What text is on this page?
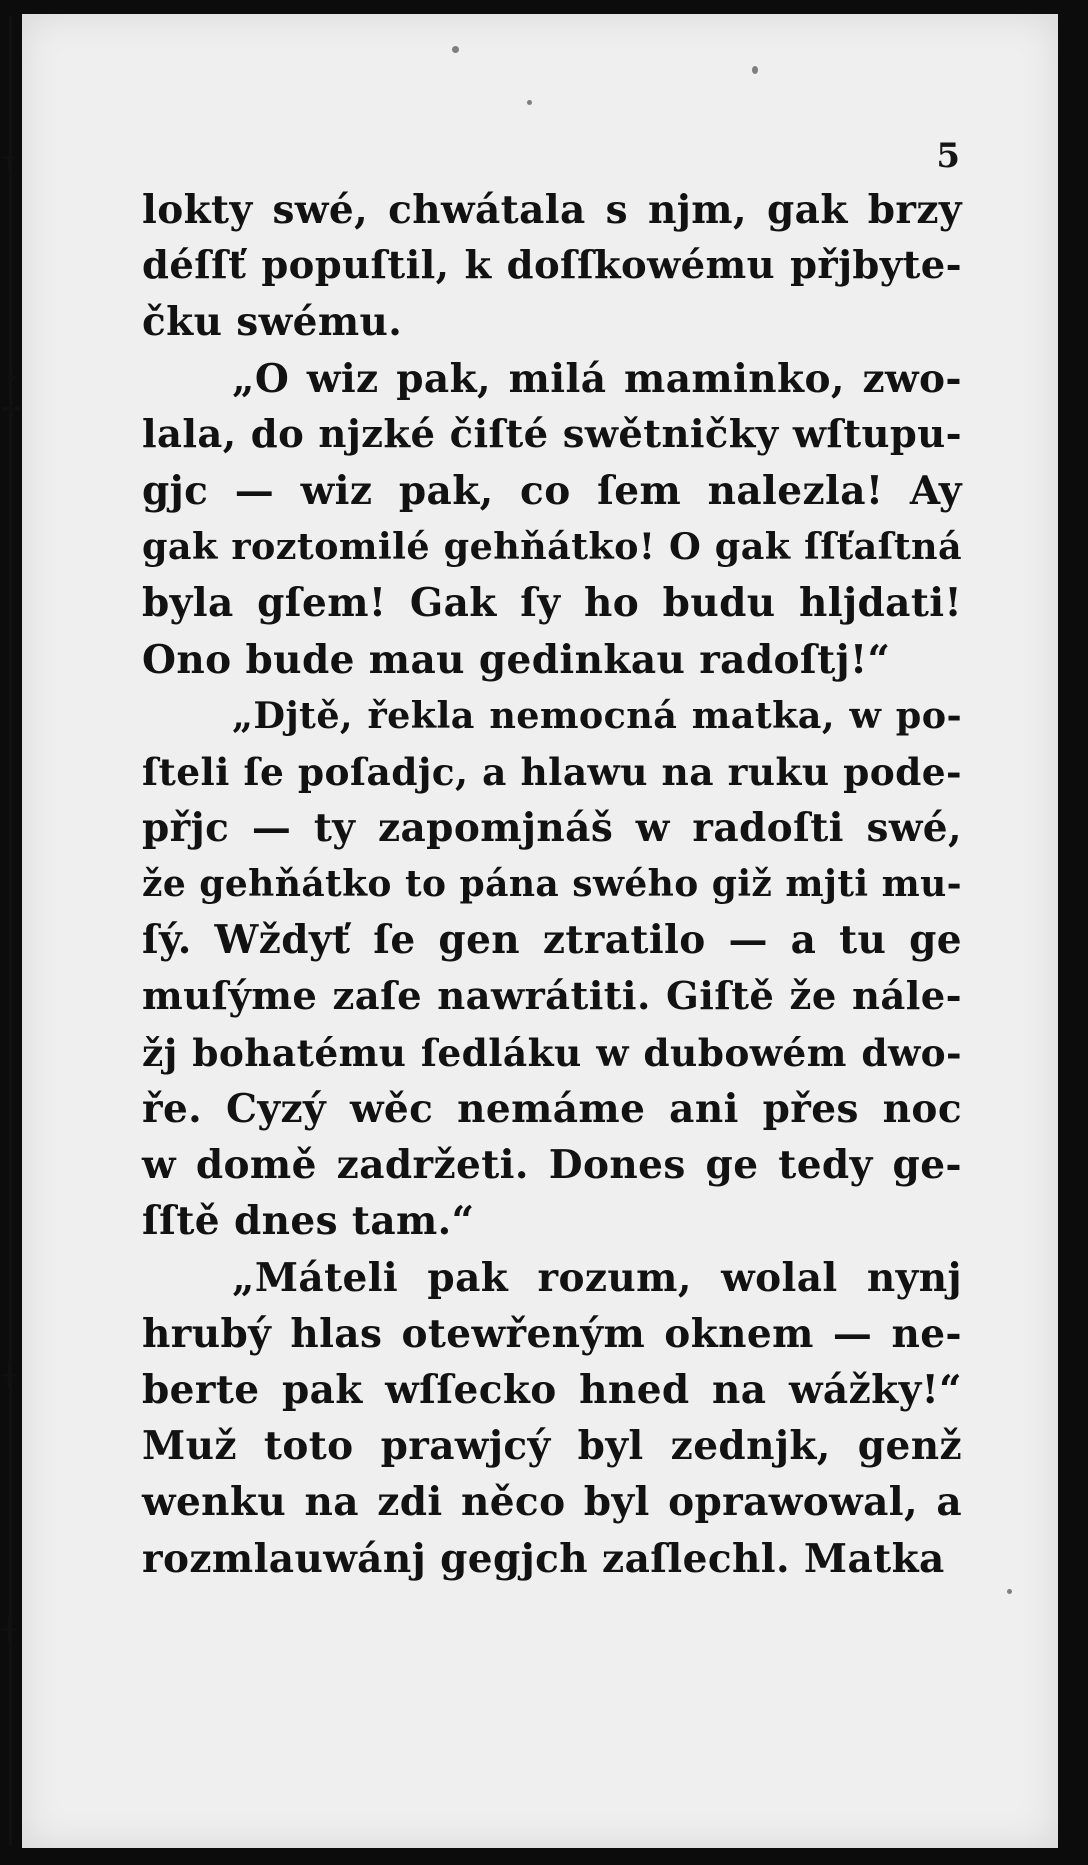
┬
↓
✣
┼
┼
5
lokty swé, chwátala s njm, gak brzy
déſſť popuſtil, k doſſkowému přjbyte-
čku swému.
„O wiz pak, milá maminko, zwo-
lala, do njzké čiſté swětničky wſtupu-
gjc — wiz pak, co ſem nalezla! Ay
gak roztomilé gehňátko! O gak ſſťaſtná
byla gſem! Gak ſy ho budu hljdati!
Ono bude mau gedinkau radoſtj!“
„Djtě, řekla nemocná matka, w po-
ſteli ſe poſadjc, a hlawu na ruku pode-
přjc — ty zapomjnáš w radoſti swé,
že gehňátko to pána swého giž mjti mu-
ſý. Wždyť ſe gen ztratilo — a tu ge
muſýme zaſe nawrátiti. Giſtě že nále-
žj bohatému ſedláku w dubowém dwo-
ře. Cyzý wěc nemáme ani přes noc
w domě zadržeti. Dones ge tedy ge-
ſſtě dnes tam.“
„Máteli pak rozum, wolal nynj
hrubý hlas otewřeným oknem — ne-
berte pak wſſecko hned na wážky!“
Muž toto prawjcý byl zednjk, genž
wenku na zdi něco byl oprawowal, a
rozmlauwánj gegjch zaſlechl. Matka
